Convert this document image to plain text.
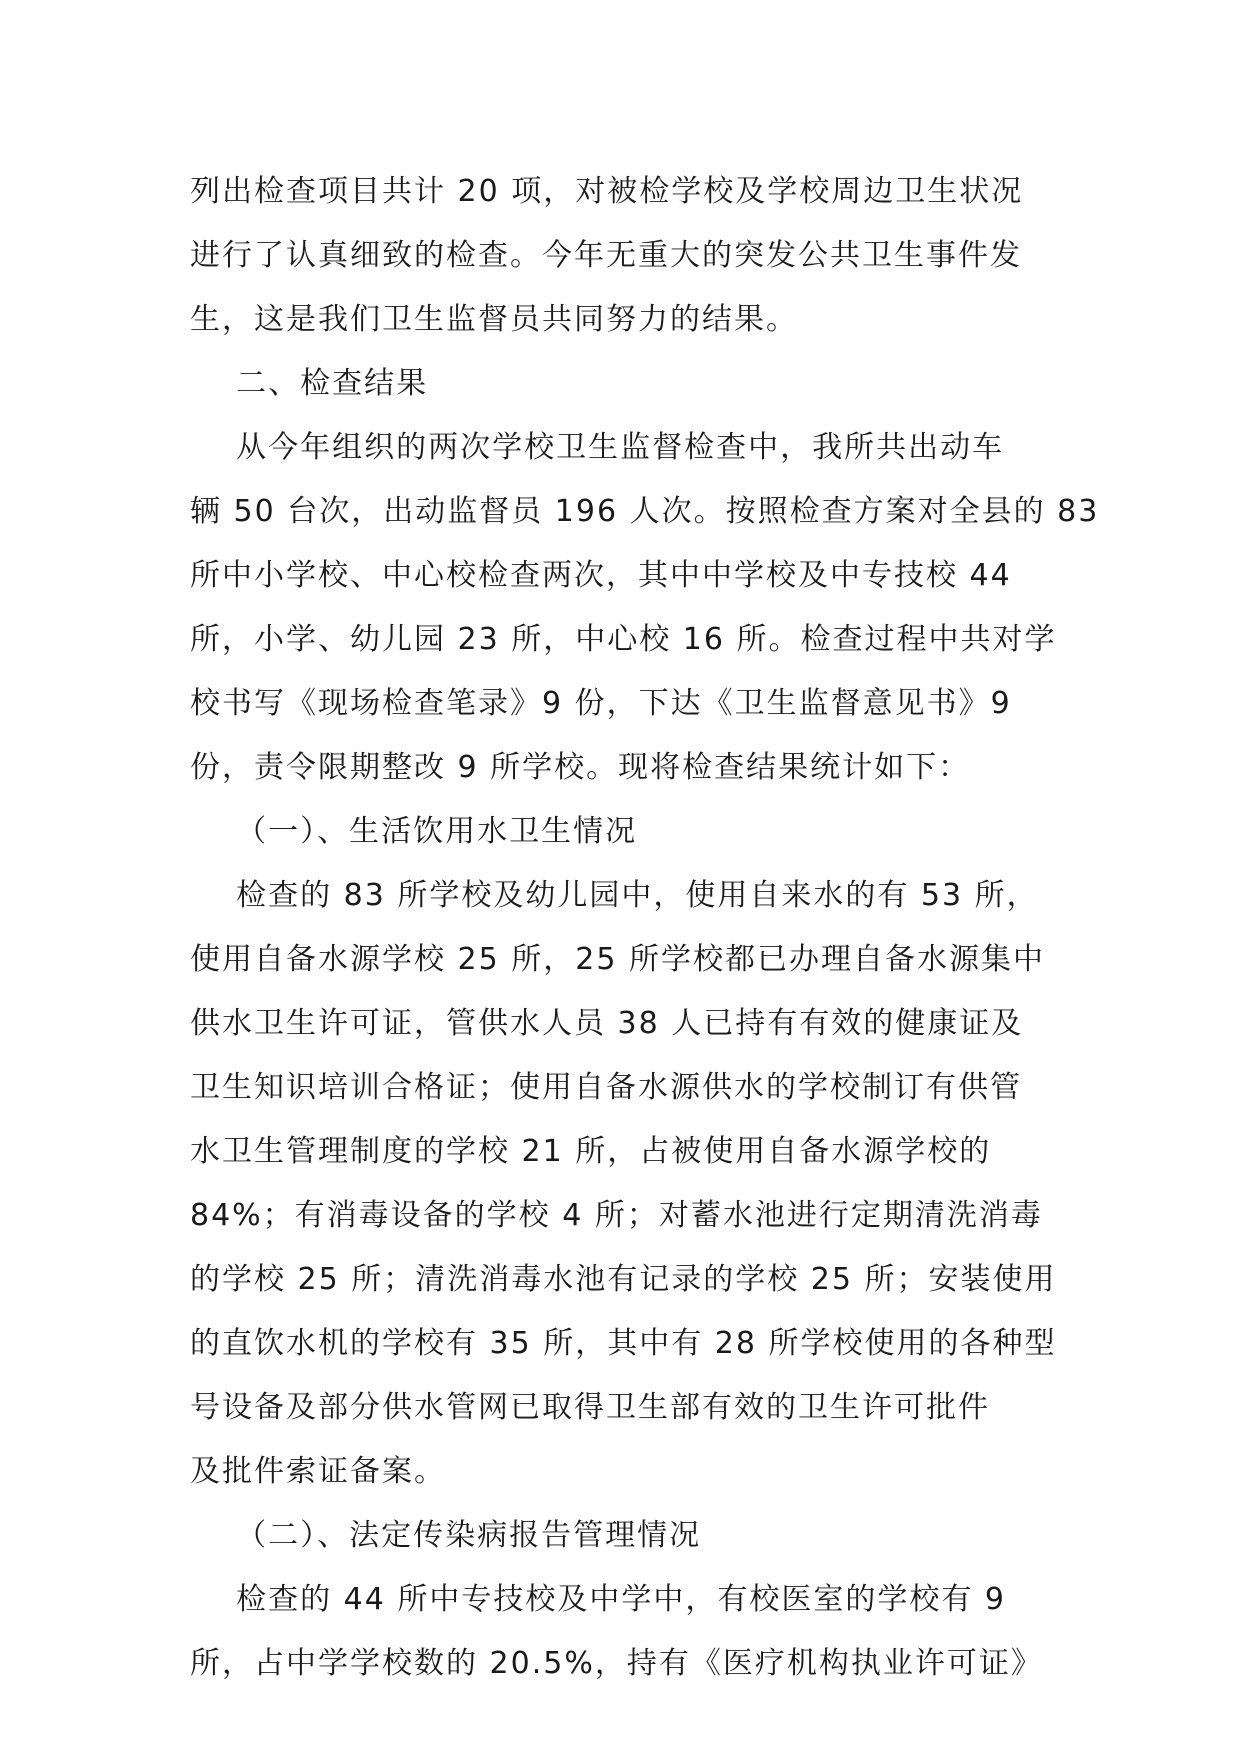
列出检查项目共计 20 项，对被检学校及学校周边卫生状况
进行了认真细致的检查。今年无重大的突发公共卫生事件发
生，这是我们卫生监督员共同努力的结果。
二、检查结果
从今年组织的两次学校卫生监督检查中，我所共出动车
辆 50 台次，出动监督员 196 人次。按照检查方案对全县的 83
所中小学校、中心校检查两次，其中中学校及中专技校 44
所，小学、幼儿园 23 所，中心校 16 所。检查过程中共对学
校书写《现场检查笔录》9 份，下达《卫生监督意见书》9
份，责令限期整改 9 所学校。现将检查结果统计如下：
（一）、生活饮用水卫生情况
检查的 83 所学校及幼儿园中，使用自来水的有 53 所，
使用自备水源学校 25 所，25 所学校都已办理自备水源集中
供水卫生许可证，管供水人员 38 人已持有有效的健康证及
卫生知识培训合格证；使用自备水源供水的学校制订有供管
水卫生管理制度的学校 21 所，占被使用自备水源学校的
84%；有消毒设备的学校 4 所；对蓄水池进行定期清洗消毒
的学校 25 所；清洗消毒水池有记录的学校 25 所；安装使用
的直饮水机的学校有 35 所，其中有 28 所学校使用的各种型
号设备及部分供水管网已取得卫生部有效的卫生许可批件
及批件索证备案。
（二）、法定传染病报告管理情况
检查的 44 所中专技校及中学中，有校医室的学校有 9
所，占中学学校数的 20.5%，持有《医疗机构执业许可证》
